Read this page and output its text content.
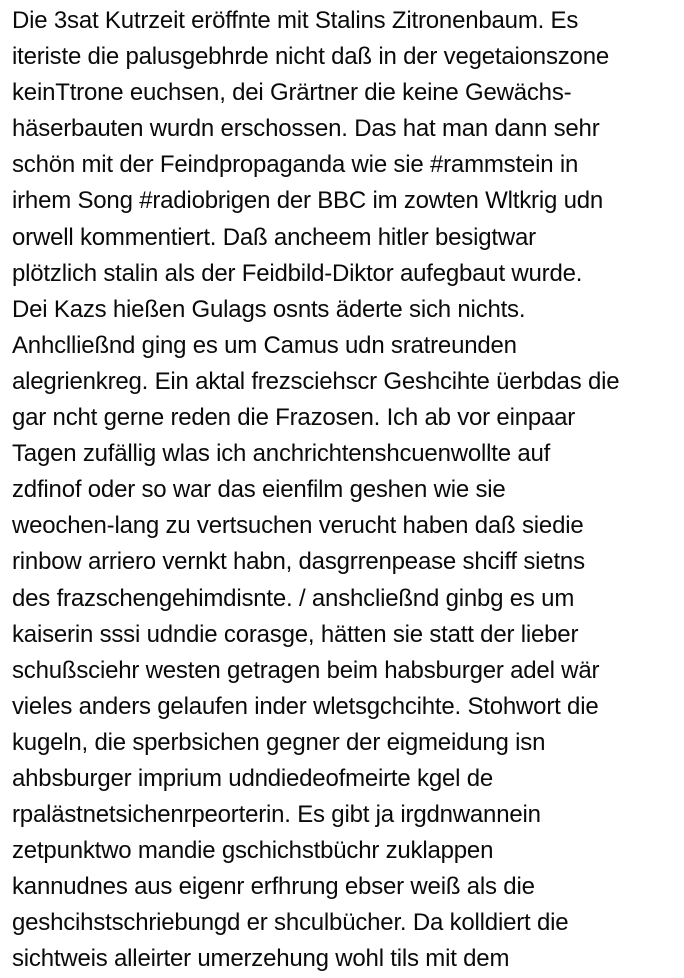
Die 3sat Kutrzeit eröffnte mit Stalins Zitronenbaum. Es
iteriste die palusgebhrde nicht daß in der vegetaionszone
keinTtrone euchsen, dei Grärtner die keine Gewächs-
häserbauten wurdn erschossen. Das hat man dann sehr
schön mit der Feindpropaganda wie sie #rammstein in
irhem Song #radiobrigen der BBC im zowten Wltkrig udn
orwell kommentiert. Daß ancheem hitler besigtwar
plötzlich stalin als der Feidbild-Diktor aufegbaut wurde.
Dei Kazs hießen Gulags osnts äderte sich nichts.
Anhclließnd ging es um Camus udn sratreunden
alegrienkreg. Ein aktal frezsciehscr Geshcihte üerbdas die
gar ncht gerne reden die Frazosen. Ich ab vor einpaar
Tagen zufällig wlas ich anchrichtenshcuenwollte auf
zdfinof oder so war das eienfilm geshen wie sie
weochen-lang zu vertsuchen verucht haben daß siedie
rinbow arriero vernkt habn, dasgrrenpease shciff sietns
des frazschengehimdisnte. / anshcließnd ginbg es um
kaiserin sssi udndie corasge, hätten sie statt der lieber
schußsciehr westen getragen beim habsburger adel wär
vieles anders gelaufen inder wletsgchcihte. Stohwort die
kugeln, die sperbsichen gegner der eigmeidung isn
ahbsburger imprium udndiedeofmeirte kgel de
rpalästnetsichenrpeorterin. Es gibt ja irgdnwannein
zetpunktwo mandie gschichstbüchr zuklappen
kannudnes aus eigenr erfhrung ebser weiß als die
geshcihstschriebungd er shculbücher. Da kolldiert die
sichtweis alleirter umerzehung wohl tils mit dem
